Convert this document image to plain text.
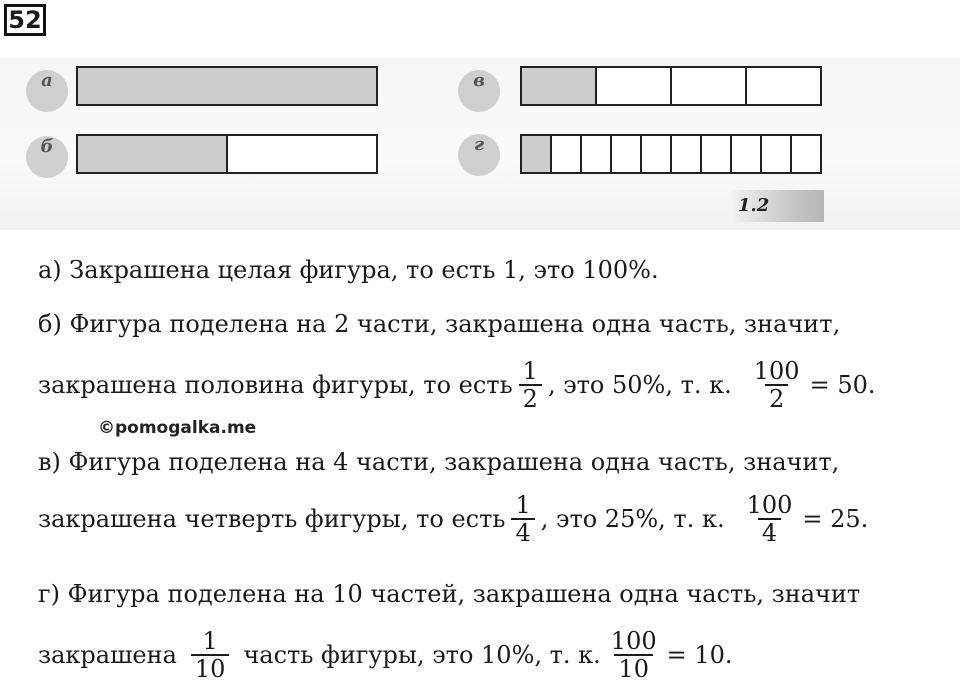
52
а
б
в
г
1.2
а) Закрашена целая фигура, то есть 1, это 100%.
б) Фигура поделена на 2 части, закрашена одна часть, значит,
закрашена половина фигуры, то есть $\frac{1}{2}$ , это 50%, т. к. $\frac{100}{2} = 50$.
©pomogalka.me
в) Фигура поделена на 4 части, закрашена одна часть, значит,
закрашена четверть фигуры, то есть $\frac{1}{4}$ , это 25%, т. к. $\frac{100}{4} = 25$.
г) Фигура поделена на 10 частей, закрашена одна часть, значит
закрашена $\frac{1}{10}$ часть фигуры, это 10%, т. к. $\frac{100}{10} = 10$.
